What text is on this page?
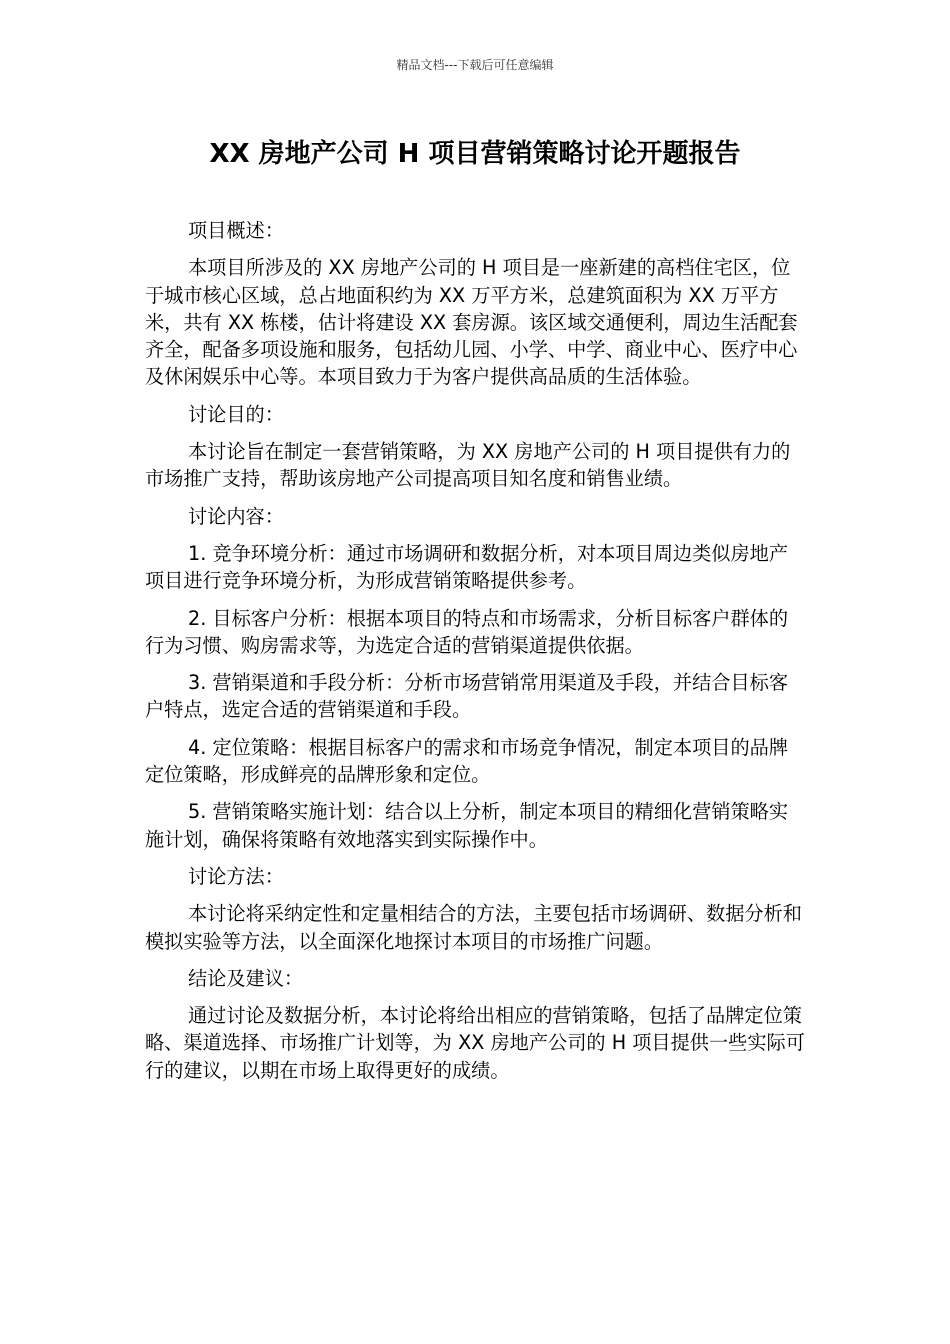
精品文档---下载后可任意编辑
XX 房地产公司 H 项目营销策略讨论开题报告

项目概述：

本项目所涉及的 XX 房地产公司的 H 项目是一座新建的高档住宅区，位于城市核心区域，总占地面积约为 XX 万平方米，总建筑面积为 XX 万平方米，共有 XX 栋楼，估计将建设 XX 套房源。该区域交通便利，周边生活配套齐全，配备多项设施和服务，包括幼儿园、小学、中学、商业中心、医疗中心及休闲娱乐中心等。本项目致力于为客户提供高品质的生活体验。

讨论目的：

本讨论旨在制定一套营销策略，为 XX 房地产公司的 H 项目提供有力的市场推广支持，帮助该房地产公司提高项目知名度和销售业绩。

讨论内容：

1. 竞争环境分析：通过市场调研和数据分析，对本项目周边类似房地产项目进行竞争环境分析，为形成营销策略提供参考。

2. 目标客户分析：根据本项目的特点和市场需求，分析目标客户群体的行为习惯、购房需求等，为选定合适的营销渠道提供依据。

3. 营销渠道和手段分析：分析市场营销常用渠道及手段，并结合目标客户特点，选定合适的营销渠道和手段。

4. 定位策略：根据目标客户的需求和市场竞争情况，制定本项目的品牌定位策略，形成鲜亮的品牌形象和定位。

5. 营销策略实施计划：结合以上分析，制定本项目的精细化营销策略实施计划，确保将策略有效地落实到实际操作中。

讨论方法：

本讨论将采纳定性和定量相结合的方法，主要包括市场调研、数据分析和模拟实验等方法，以全面深化地探讨本项目的市场推广问题。

结论及建议：

通过讨论及数据分析，本讨论将给出相应的营销策略，包括了品牌定位策略、渠道选择、市场推广计划等，为 XX 房地产公司的 H 项目提供一些实际可行的建议，以期在市场上取得更好的成绩。
